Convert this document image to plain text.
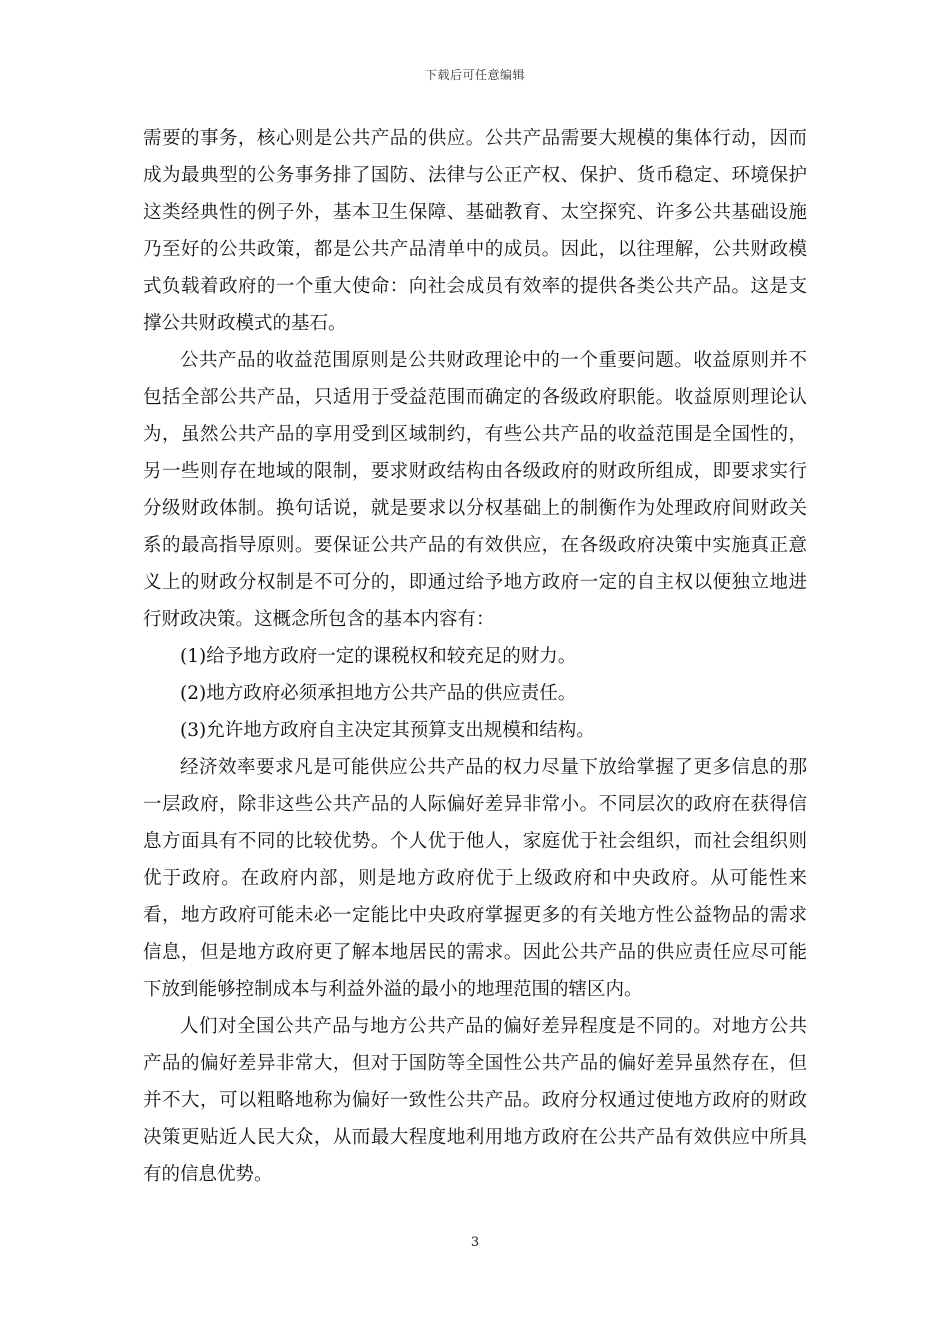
下载后可任意编辑

需要的事务，核心则是公共产品的供应。公共产品需要大规模的集体行动，因而成为最典型的公务事务排了国防、法律与公正产权、保护、货币稳定、环境保护这类经典性的例子外，基本卫生保障、基础教育、太空探究、许多公共基础设施乃至好的公共政策，都是公共产品清单中的成员。因此，以往理解，公共财政模式负载着政府的一个重大使命：向社会成员有效率的提供各类公共产品。这是支撑公共财政模式的基石。

公共产品的收益范围原则是公共财政理论中的一个重要问题。收益原则并不包括全部公共产品，只适用于受益范围而确定的各级政府职能。收益原则理论认为，虽然公共产品的享用受到区域制约，有些公共产品的收益范围是全国性的，另一些则存在地域的限制，要求财政结构由各级政府的财政所组成，即要求实行分级财政体制。换句话说，就是要求以分权基础上的制衡作为处理政府间财政关系的最高指导原则。要保证公共产品的有效供应，在各级政府决策中实施真正意义上的财政分权制是不可分的，即通过给予地方政府一定的自主权以便独立地进行财政决策。这概念所包含的基本内容有：

(1)给予地方政府一定的课税权和较充足的财力。

(2)地方政府必须承担地方公共产品的供应责任。

(3)允许地方政府自主决定其预算支出规模和结构。

经济效率要求凡是可能供应公共产品的权力尽量下放给掌握了更多信息的那一层政府，除非这些公共产品的人际偏好差异非常小。不同层次的政府在获得信息方面具有不同的比较优势。个人优于他人，家庭优于社会组织，而社会组织则优于政府。在政府内部，则是地方政府优于上级政府和中央政府。从可能性来看，地方政府可能未必一定能比中央政府掌握更多的有关地方性公益物品的需求信息，但是地方政府更了解本地居民的需求。因此公共产品的供应责任应尽可能下放到能够控制成本与利益外溢的最小的地理范围的辖区内。

人们对全国公共产品与地方公共产品的偏好差异程度是不同的。对地方公共产品的偏好差异非常大，但对于国防等全国性公共产品的偏好差异虽然存在，但并不大，可以粗略地称为偏好一致性公共产品。政府分权通过使地方政府的财政决策更贴近人民大众，从而最大程度地利用地方政府在公共产品有效供应中所具有的信息优势。

3
